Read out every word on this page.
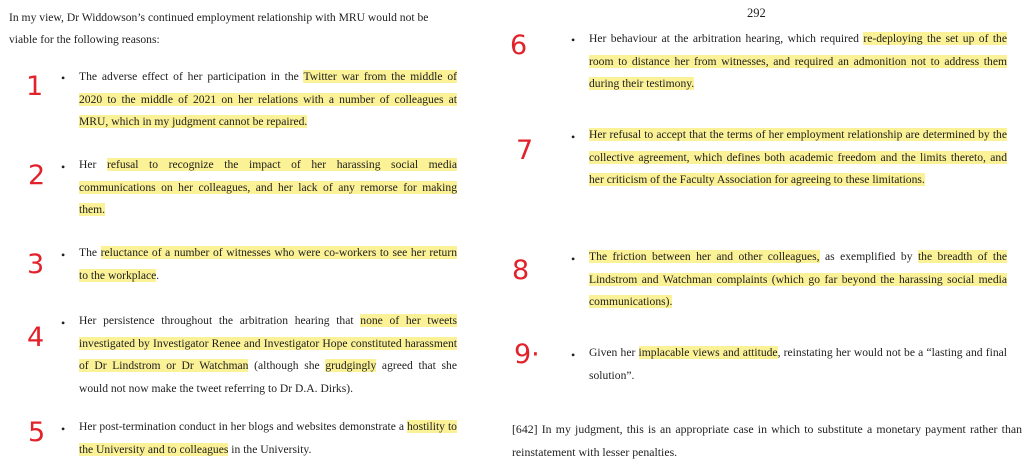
In my view, Dr Widdowson’s continued employment relationship with MRU would not be viable for the following reasons:
1 • The adverse effect of her participation in the Twitter war from the middle of 2020 to the middle of 2021 on her relations with a number of colleagues at MRU, which in my judgment cannot be repaired.
2 • Her refusal to recognize the impact of her harassing social media communications on her colleagues, and her lack of any remorse for making them.
3 • The reluctance of a number of witnesses who were co-workers to see her return to the workplace.
4 • Her persistence throughout the arbitration hearing that none of her tweets investigated by Investigator Renee and Investigator Hope constituted harassment of Dr Lindstrom or Dr Watchman (although she grudgingly agreed that she would not now make the tweet referring to Dr D.A. Dirks).
5 • Her post-termination conduct in her blogs and websites demonstrate a hostility to the University and to colleagues in the University.
292
6	• Her behaviour at the arbitration hearing, which required re-deploying the set up of the room to distance her from witnesses, and required an admonition not to address them during their testimony.
7	• Her refusal to accept that the terms of her employment relationship are determined by the collective agreement, which defines both academic freedom and the limits thereto, and her criticism of the Faculty Association for agreeing to these limitations.
8	• The friction between her and other colleagues, as exemplified by the breadth of the Lindstrom and Watchman complaints (which go far beyond the harassing social media communications).
9·	• Given her implacable views and attitude, reinstating her would not be a “lasting and final solution”.
[642] In my judgment, this is an appropriate case in which to substitute a monetary payment rather than reinstatement with lesser penalties.
